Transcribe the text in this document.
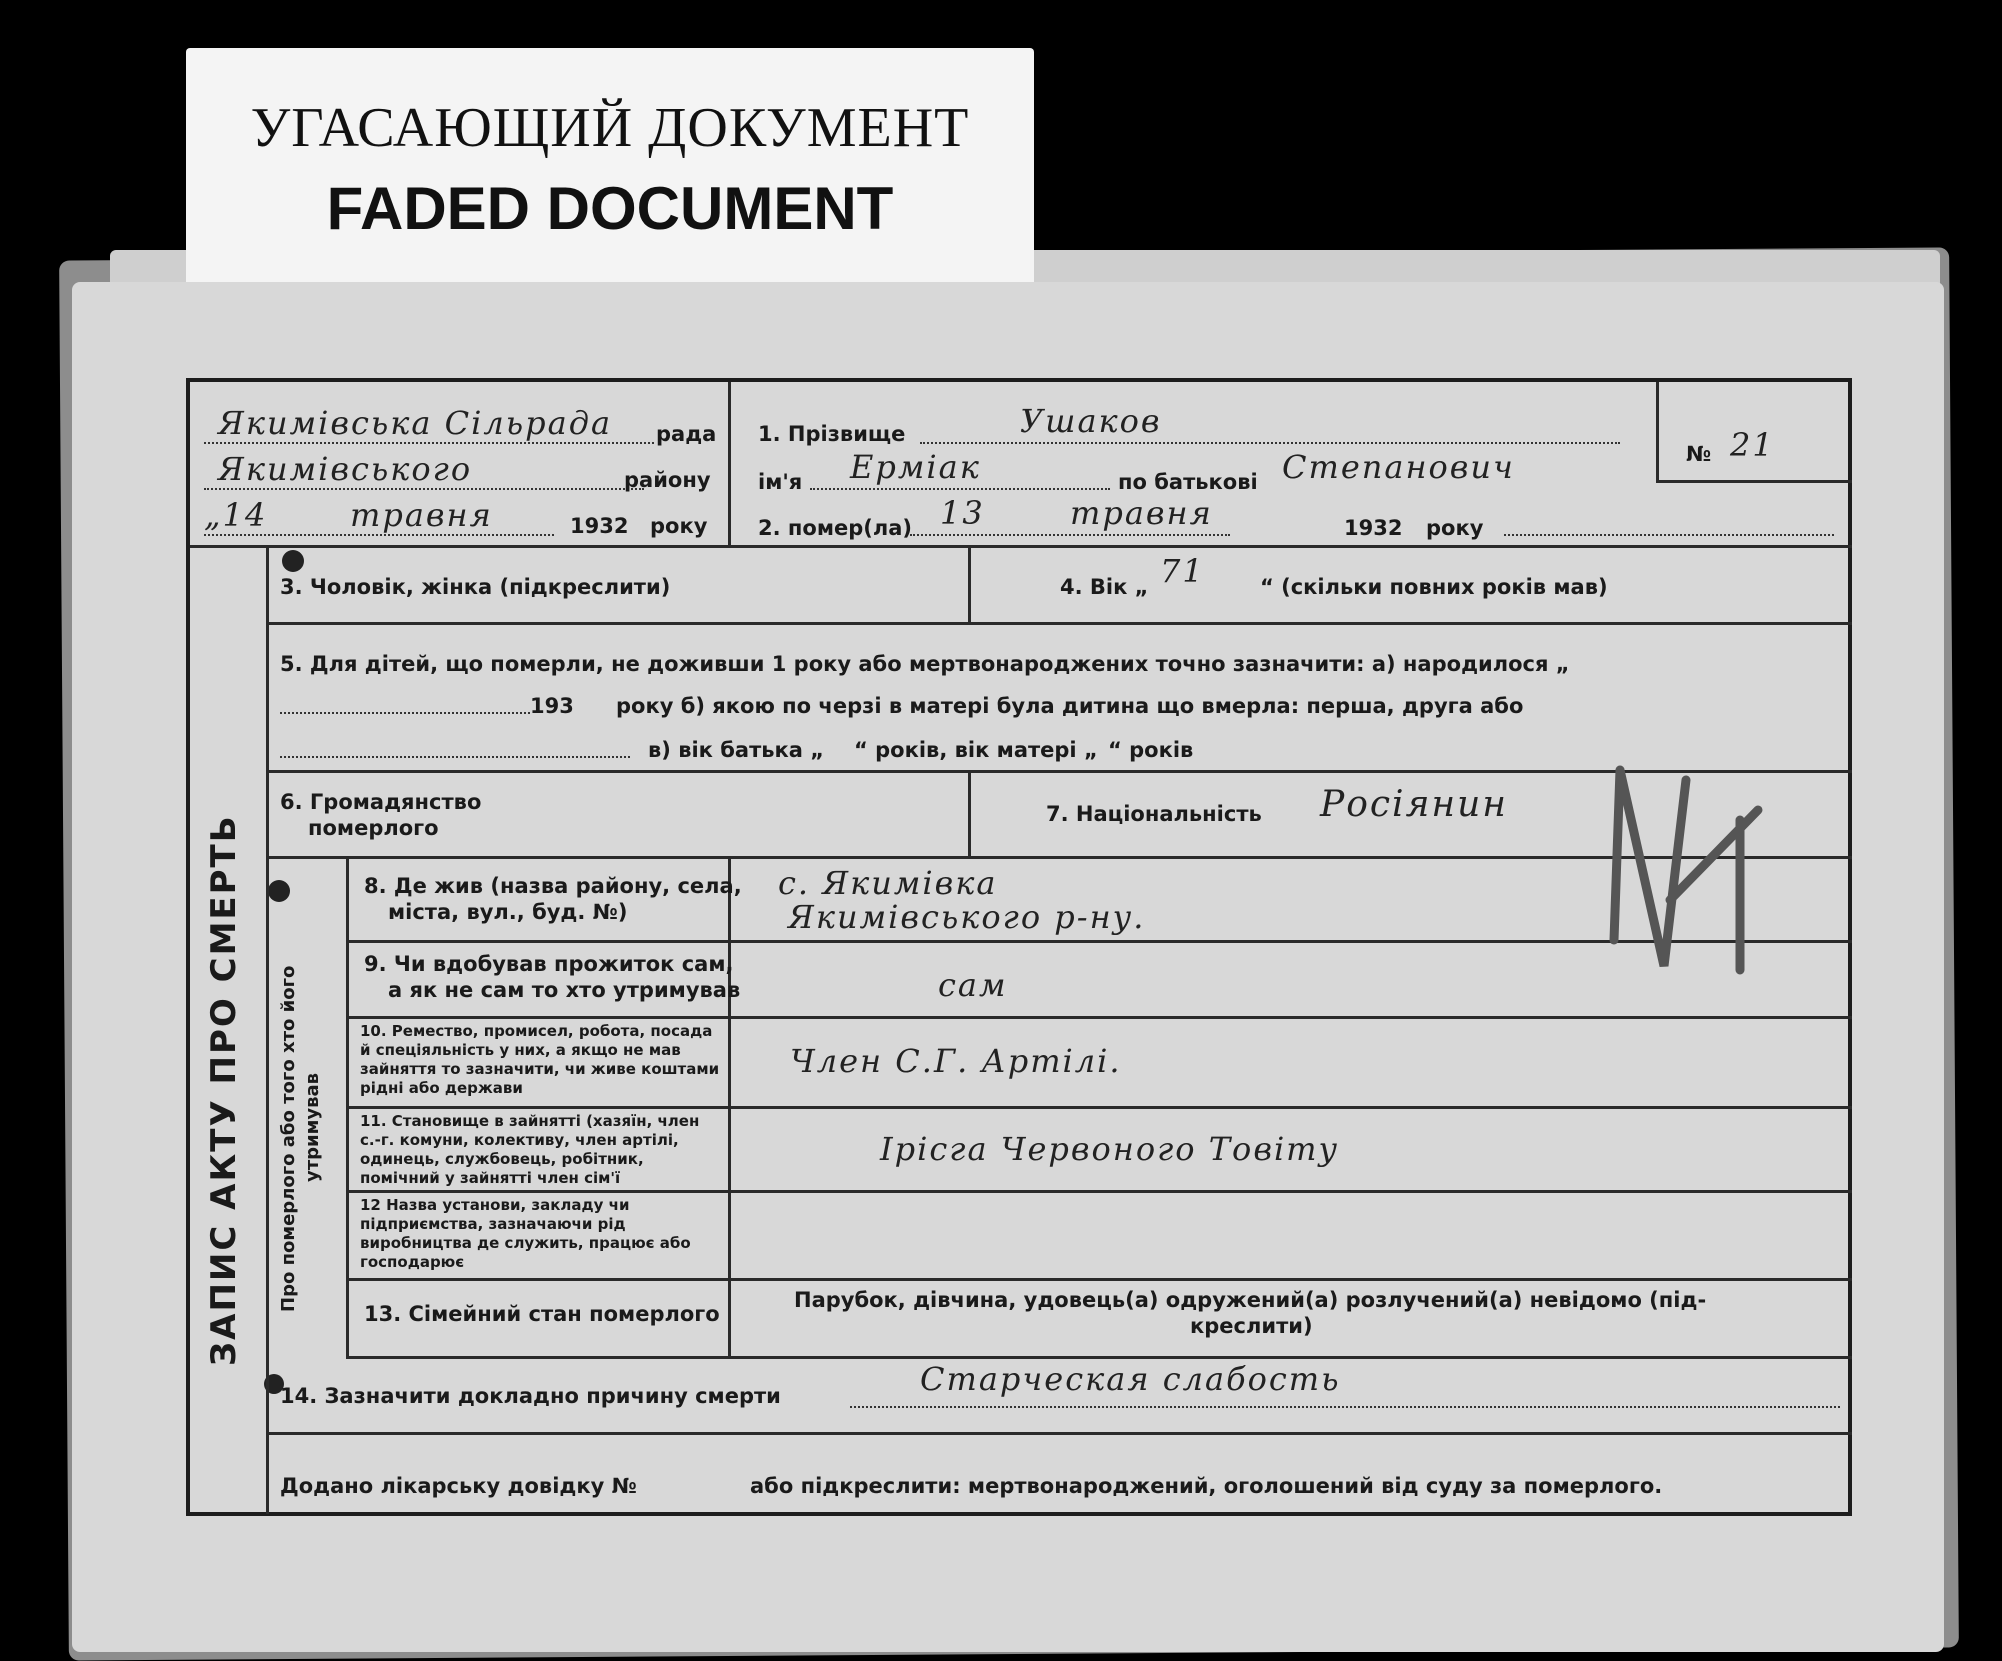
УГАСАЮЩИЙ ДОКУМЕНТ
FADED DOCUMENT
ЗАПИС АКТУ ПРО СМЕРТЬ Про померлого або того хто його утримував
Якимівська Сільрада рада
Якимівського	району
„14	травня	1932 року
1. Прізвище	Ушаков
ім'я Ерміак	по батькові Степанович
2. помер(ла) 13	травня	1932 року
№ 21
3. Чоловік, жінка (підкреслити)	4. Вік „ 71	“ (скільки повних років мав)
5. Для дітей, що померли, не доживши 1 року або мертвонароджених точно зазначити: а) народилося „
193 року б) якою по черзі в матері була дитина що вмерла: перша, друга або
в) вік батька „ “ років, вік матері „ “ років
6. Громадянство
померлого
7. Національність Росіянин
8. Де жив (назва району, села,
міста, вул., буд. №)
с. Якимівка
Якимівського р-ну.
9. Чи вдобував прожиток сам,
а як не сам то хто утримував	сам
10. Ремество, промисел, робота, посада й спеціяльність у них, а якщо не мав зайняття то зазначити, чи живе коштами рідні або держави
Член С.Г. Артілі.
11. Становище в зайнятті (хазяїн, член с.-г. комуни, колективу, член артілі, одинець, службовець, робітник, помічний у зайнятті член сім'ї
Ірісга Червоного Товіту
12 Назва установи, закладу чи підприємства, зазначаючи рід виробництва де служить, працює або господарює
13. Сімейний стан померлого
Парубок, дівчина, удовець(а) одружений(а) розлучений(а) невідомо (під-
креслити)
14. Зазначити докладно причину смерти	Старческая слабость
Додано лікарську довідку №	або підкреслити: мертвонароджений, оголошений від суду за померлого.
